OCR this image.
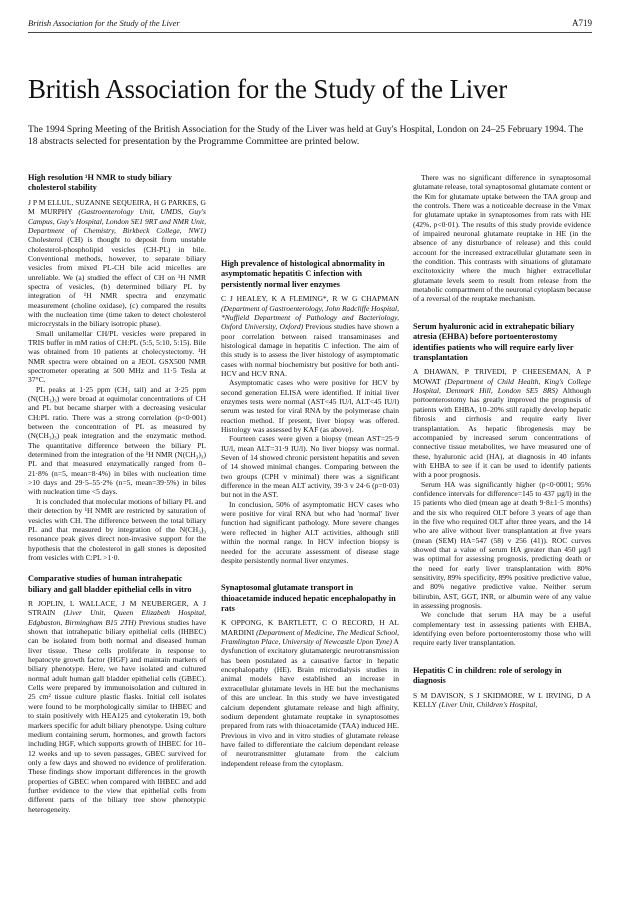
British Association for the Study of the Liver	A719
British Association for the Study of the Liver
The 1994 Spring Meeting of the British Association for the Study of the Liver was held at Guy's Hospital, London on 24–25 February 1994. The 18 abstracts selected for presentation by the Programme Committee are printed below.
High resolution ¹H NMR to study biliary cholesterol stability

J P M ELLUL, SUZANNE SEQUEIRA, H G PARKES, G M MURPHY (Gastroenterology Unit, UMDS, Guy's Campus, Guy's Hospital, London SE1 9RT and NMR Unit, Department of Chemistry, Birkbeck College, NW1) Cholesterol (CH) is thought to deposit from unstable cholesterol-phospholipid vesicles (CH-PL) in bile. Conventional methods, however, to separate biliary vesicles from mixed PL-CH bile acid micelles are unreliable. We (a) studied the effect of CH on ¹H NMR spectra of vesicles, (b) determined biliary PL by integration of ¹H NMR spectra and enzymatic measurement (choline oxidase), (c) compared the results with the nucleation time (time taken to detect cholesterol microcrystals in the biliary isotropic phase).

Small unilamellar CH/PL vesicles were prepared in TRIS buffer in mM ratios of CH:PL (5:5, 5:10, 5:15). Bile was obtained from 10 patients at cholecystectomy. ¹H NMR spectra were obtained on a JEOL GSX500 NMR spectrometer operating at 500 MHz and 11·5 Tesla at 37°C.

PL peaks at 1·25 ppm (CH₂ tail) and at 3·25 ppm (N(CH₃)₃) were broad at equimolar concentrations of CH and PL but became sharper with a decreasing vesicular CH:PL ratio. There was a strong correlation (p<0·001) between the concentration of PL as measured by (N(CH₃)₃) peak integration and the enzymatic method. The quantitative difference between the biliary PL determined from the integration of the ¹H NMR (N(CH₃)₃) PL and that measured enzymatically ranged from 0–21·8% (n=5, mean=8·4%) in biles with nucleation time >10 days and 29·5–55·2% (n=5, mean=39·5%) in biles with nucleation time <5 days.

It is concluded that molecular motions of biliary PL and their detection by ¹H NMR are restricted by saturation of vesicles with CH. The difference between the total biliary PL and that measured by integration of the N(CH₃)₃ resonance peak gives direct non-invasive support for the hypothesis that the cholesterol in gall stones is deposited from vesicles with C:PL >1·0.

Comparative studies of human intrahepatic biliary and gall bladder epithelial cells in vitro

R JOPLIN, L WALLACE, J M NEUBERGER, A J STRAIN (Liver Unit, Queen Elizabeth Hospital, Edgbaston, Birmingham B15 2TH) Previous studies have shown that intrahepatic biliary epithelial cells (IHBEC) can be isolated from both normal and diseased human liver tissue. These cells proliferate in response to hepatocyte growth factor (HGF) and maintain markers of biliary phenotype. Here, we have isolated and cultured normal adult human gall bladder epithelial cells (GBEC). Cells were prepared by immunoisolation and cultured in 25 cm² tissue culture plastic flasks. Initial cell isolates were found to be morphologically similar to IHBEC and to stain positively with HEA125 and cytokeratin 19, both markers specific for adult biliary phenotype. Using culture medium containing serum, hormones, and growth factors including HGF, which supports growth of IHBEC for 10–12 weeks and up to seven passages, GBEC survived for only a few days and showed no evidence of proliferation. These findings show important differences in the growth properties of GBEC when compared with IHBEC and add further evidence to the view that epithelial cells from different parts of the biliary tree show phenotypic heterogeneity.

High prevalence of histological abnormality in asymptomatic hepatitis C infection with persistently normal liver enzymes

C J HEALEY, K A FLEMING*, R W G CHAPMAN (Department of Gastroenterology, John Radcliffe Hospital, *Nuffield Department of Pathology and Bacteriology, Oxford University, Oxford) Previous studies have shown a poor correlation between raised transaminases and histological damage in hepatitis C infection. The aim of this study is to assess the liver histology of asymptomatic cases with normal biochemistry but positive for both anti-HCV and HCV RNA.

Asymptomatic cases who were positive for HCV by second generation ELISA were identified. If initial liver enzymes tests were normal (AST<45 IU/l, ALT<45 IU/l) serum was tested for viral RNA by the polymerase chain reaction method. If present, liver biopsy was offered. Histology was assessed by KAF (as above).

Fourteen cases were given a biopsy (mean AST=25·9 IU/l, mean ALT=31·9 IU/l). No liver biopsy was normal. Seven of 14 showed chronic persistent hepatitis and seven of 14 showed minimal changes. Comparing between the two groups (CPH v minimal) there was a significant difference in the mean ALT activity, 39·3 v 24·6 (p=0·03) but not in the AST.

In conclusion, 50% of asymptomatic HCV cases who were positive for viral RNA but who had 'normal' liver function had significant pathology. More severe changes were reflected in higher ALT activities, although still within the normal range. In HCV infection biopsy is needed for the accurate assessment of disease stage despite persistently normal liver enzymes.

Synaptosomal glutamate transport in thioacetamide induced hepatic encephalopathy in rats

K OPPONG, K BARTLETT, C O RECORD, H AL MARDINI (Department of Medicine, The Medical School, Framlington Place, University of Newcastle Upon Tyne) A dysfunction of excitatory glutamatergic neurotransmission has been postulated as a causative factor in hepatic encephalopathy (HE). Brain microdialysis studies in animal models have established an increase in extracellular glutamate levels in HE but the mechanisms of this are unclear. In this study we have investigated calcium dependent glutamate release and high affinity, sodium dependent glutamate reuptake in synaptosomes prepared from rats with thioacetamide (TAA) induced HE. Previous in vivo and in vitro studies of glutamate release have failed to differentiate the calcium dependant release of neurotransmitter glutamate from the calcium independent release from the cytoplasm.

There was no significant difference in synaptosomal glutamate release, total synaptosomal glutamate content or the Km for glutamate uptake between the TAA group and the controls. There was a noticeable decrease in the Vmax for glutamate uptake in synaptosomes from rats with HE (42%, p<0·01). The results of this study provide evidence of impaired neuronal glutamate reuptake in HE (in the absence of any disturbance of release) and this could account for the increased extracellular glutamate seen in the condition. This contrasts with situations of glutamate excitotoxicity where the much higher extracellular glutamate levels seem to result from release from the metabolic compartment of the neuronal cytoplasm because of a reversal of the reuptake mechanism.

Serum hyaluronic acid in extrahepatic biliary atresia (EHBA) before portoenterostomy identifies patients who will require early liver transplantation

A DHAWAN, P TRIVEDI, P CHEESEMAN, A P MOWAT (Department of Child Health, King's College Hospital, Denmark Hill, London SE5 8RS) Although portoenterostomy has greatly improved the prognosis of patients with EHBA, 10–20% still rapidly develop hepatic fibrosis and cirrhosis and require early liver transplantation. As hepatic fibrogenesis may be accompanied by increased serum concentrations of connective tissue metabolites, we have measured one of these, hyaluronic acid (HA), at diagnosis in 40 infants with EHBA to see if it can be used to identify patients with a poor prognosis.

Serum HA was significantly higher (p<0·0001; 95% confidence intervals for difference=145 to 437 µg/l) in the 15 patients who died (mean age at death 9·8±1·5 months) and the six who required OLT before 3 years of age than in the five who required OLT after three years, and the 14 who are alive without liver transplantation at five years (mean (SEM) HA=547 (58) v 256 (41)). ROC curves showed that a value of serum HA greater than 450 µg/l was optimal for assessing prognosis, predicting death or the need for early liver transplantation with 80% sensitivity, 89% specificity, 89% positive predictive value, and 80% negative predictive value. Neither serum bilirubin, AST, GGT, INR, or albumin were of any value in assessing prognosis.

We conclude that serum HA may be a useful complementary test in assessing patients with EHBA, identifying even before portoenterostomy those who will require early liver transplantation.

Hepatitis C in children: role of serology in diagnosis

S M DAVISON, S J SKIDMORE, W L IRVING, D A KELLY (Liver Unit, Children's Hospital,
